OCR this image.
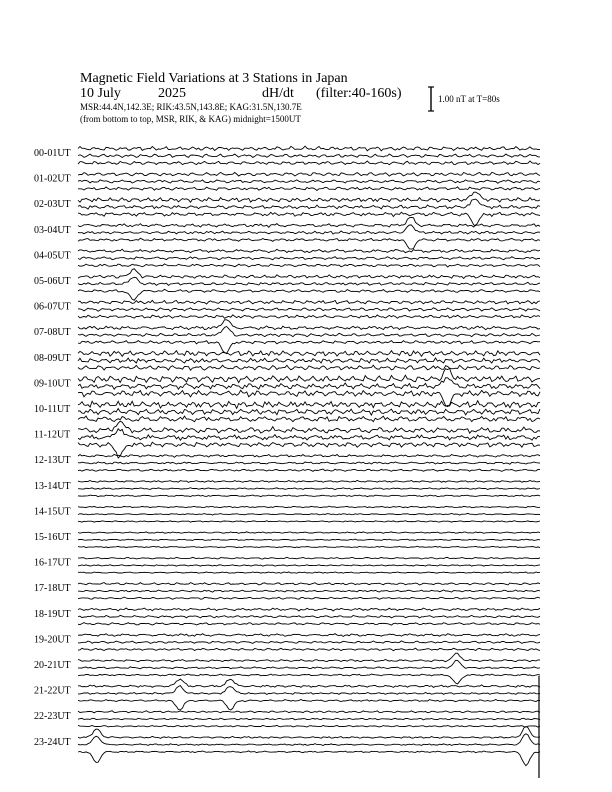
Magnetic Field Variations at 3 Stations in Japan
10 July	2025	dH/dt (filter:40-160s)
MSR:44.4N,142.3E; RIK:43.5N,143.8E; KAG:31.5N,130.7E
(from bottom to top, MSR, RIK, & KAG) midnight=1500UT
1.00 nT at T=80s
00-01UT
01-02UT
02-03UT
03-04UT
04-05UT
05-06UT
06-07UT
07-08UT
08-09UT
09-10UT
10-11UT
11-12UT
12-13UT
13-14UT
14-15UT
15-16UT
16-17UT
17-18UT
18-19UT
19-20UT
20-21UT
21-22UT
22-23UT
23-24UT
